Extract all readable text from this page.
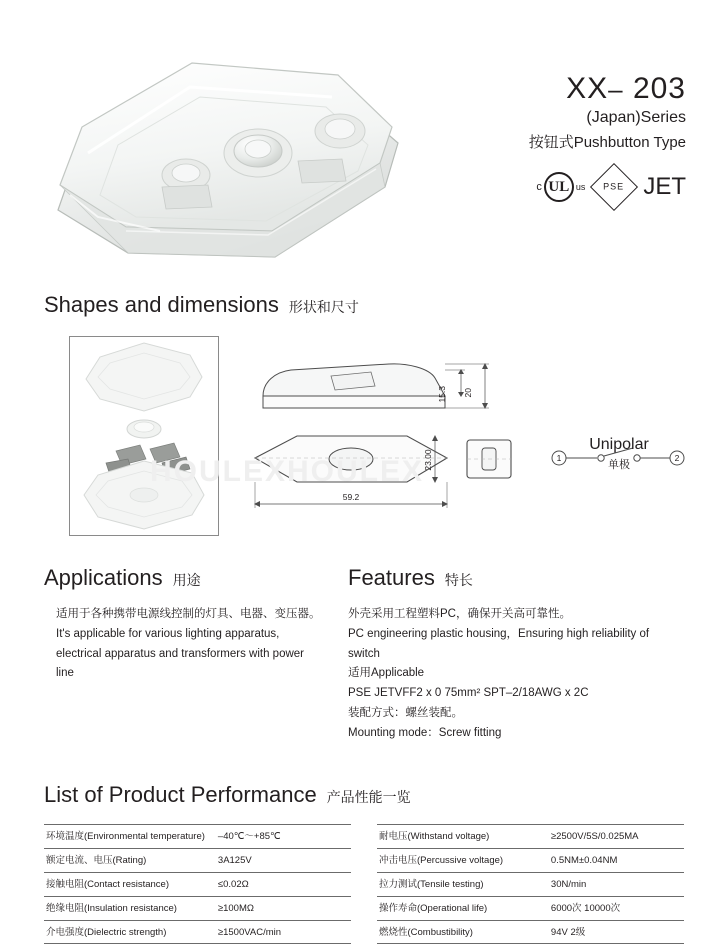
XX– 203
(Japan)Series
按钮式Pushbutton Type
c UL us PSE JET
Shapes and dimensions 形状和尺寸
15.3 20
23.00
59.2
1	2
Unipolar
单极
HOULEXHOULEX
Applications 用途

适用于各种携带电源线控制的灯具、电器、变压器。

It's applicable for various lighting apparatus,

electrical apparatus and transformers with power

line

Features 特长

外壳采用工程塑料PC，确保开关高可靠性。

PC engineering plastic housing，Ensuring high reliability of

switch

适用Applicable

PSE JETVFF2 x 0 75mm² SPT–2/18AWG x 2C

装配方式：螺丝装配。

Mounting mode：Screw fitting

List of Product Performance 产品性能一览
环境温度(Environmental temperature)	–40℃～+85℃
额定电流、电压(Rating)	3A125V
接触电阻(Contact resistance)	≤0.02Ω
绝缘电阻(Insulation resistance)	≥100MΩ
介电强度(Dielectric strength)	≥1500VAC/min
耐电压(Withstand voltage)	≥2500V/5S/0.025MA
冲击电压(Percussive voltage)	0.5NM±0.04NM
拉力测试(Tensile testing)	30N/min
操作寿命(Operational life)	6000次 10000次
燃烧性(Combustibility)	94V 2级
